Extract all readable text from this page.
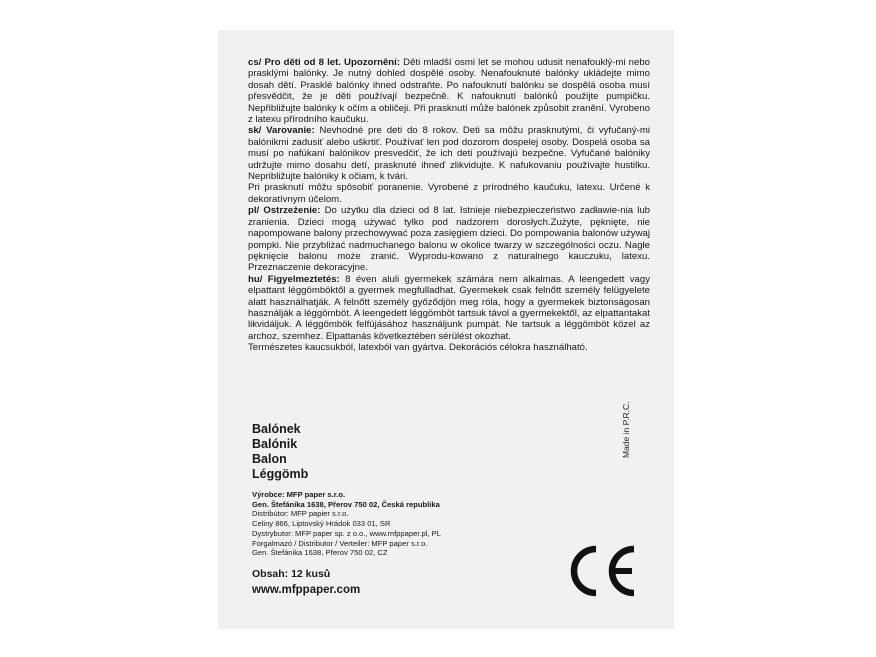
cs/ Pro děti od 8 let. Upozornění: Děti mladší osmi let se mohou udusit nenafouklý-mi nebo prasklými balónky. Je nutný dohled dospělé osoby. Nenafouknuté balónky ukládejte mimo dosah dětí. Prasklé balónky ihned odstraňte. Po nafouknutí balónku se dospělá osoba musí přesvědčit, že je děti používají bezpečně. K nafouknutí balónků použijte pumpičku. Nepřibližujte balónky k očím a obličeji. Při prasknutí může balónek způsobit zranění. Vyrobeno z latexu přírodního kaučuku.

sk/ Varovanie: Nevhodné pre deti do 8 rokov. Deti sa môžu prasknutými, či vyfučaný-mi balónikmi zadusiť alebo uškrtiť. Používať len pod dozorom dospelej osoby. Dospelá osoba sa musí po nafúkaní balónikov presvedčiť, že ich deti používajú bezpečne. Vyfučané balóniky udržujte mimo dosahu detí, prasknuté ihneď zlikvidujte. K nafukovaniu používajte hustilku. Nepribližujte balóniky k očiam, k tvári.

Pri prasknutí môžu spôsobiť poranenie. Vyrobené z prírodného kaučuku, latexu. Určené k dekoratívnym účelom.

pl/ Ostrzeżenie: Do użytku dla dzieci od 8 lat. Istnieje niebezpieczeństwo zadławie-nia lub zranienia. Dzieci mogą używać tylko pod nadzorem dorosłych.Zużyte, pęknięte, nie napompowane balony przechowywać poza zasięgiem dzieci. Do pompowania balonów używaj pompki. Nie przybliżać nadmuchanego balonu w okolice twarzy w szczególności oczu. Nagłe pęknięcie balonu może zranić. Wyprodu-kowano z naturalnego kauczuku, latexu. Przeznaczenie dekoracyjne.

hu/ Figyelmeztetés: 8 éven aluli gyermekek számára nem alkalmas. A leengedett vagy elpattant léggömböktől a gyermek megfulladhat. Gyermekek csak felnőtt személy felügyelete alatt használhatják. A felnőtt személy győződjön meg róla, hogy a gyermekek biztonságosan használják a léggömböt. A leengedett léggömböt tartsuk távol a gyermekektől, az elpattantakat likvidáljuk. A léggömbök felfújásához használjunk pumpát. Ne tartsuk a léggömböt közel az archoz, szemhez. Elpattanás következtében sérülést okozhat.

Természetes kaucsukból, latexból van gyártva. Dekorációs célokra használható.

Balónek
Balónik
Balon
Léggömb
Made in P.R.C.
Výrobce: MFP paper s.r.o.
Gen. Štefánika 1638, Přerov 750 02, Česká republika
Distribútor: MFP papier s.r.o.
Celiny 866, Liptovský Hrádok 033 01, SR
Dystrybutor: MFP paper sp. z o.o., www.mfppaper.pl, PL
Forgalmazó / Distributor / Verteiler: MFP paper s.r.o.
Gen. Štefánika 1638, Přerov 750 02, CZ
Obsah: 12 kusů
www.mfppaper.com
